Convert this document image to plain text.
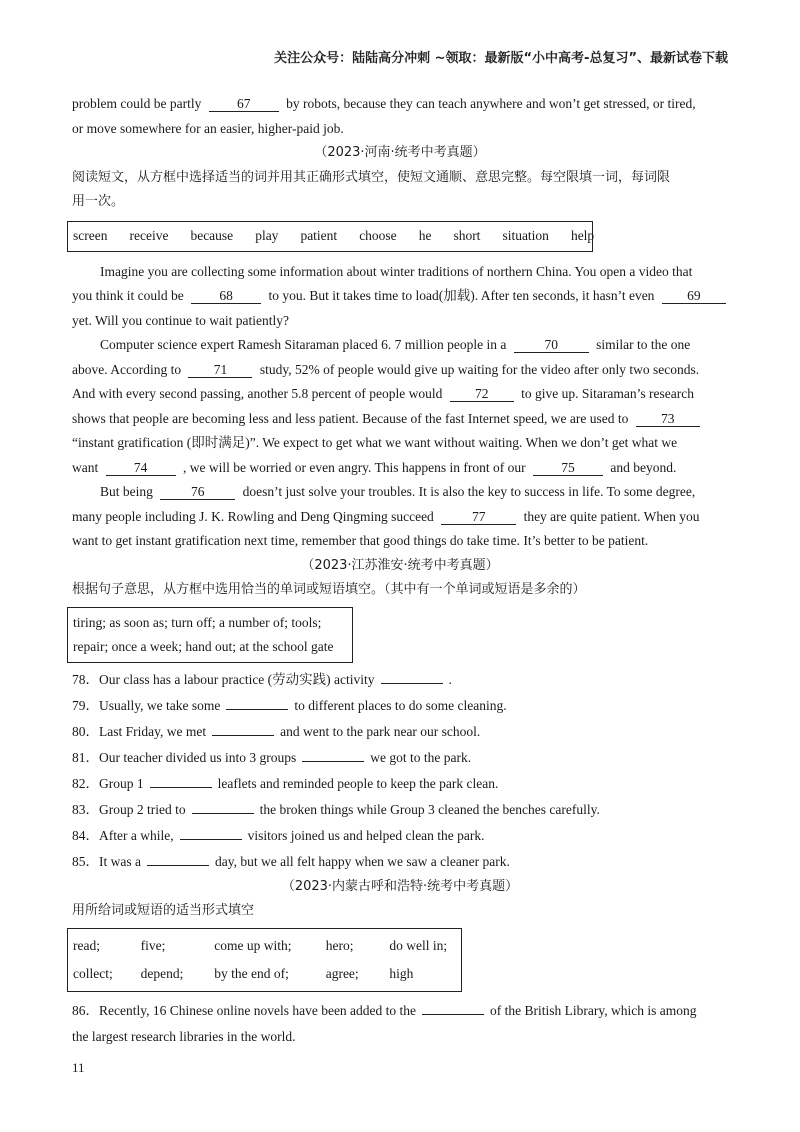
关注公众号：陆陆高分冲刺 ~领取：最新版“小中高考-总复习”、最新试卷下载
problem could be partly	67	by robots, because they can teach anywhere and won’t get stressed, or tired,
or move somewhere for an easier, higher-paid job.
（2023·河南·统考中考真题）
阅读短文，从方框中选择适当的词并用其正确形式填空，使短文通顺、意思完整。每空限填一词，每词限
用一次。
screen receive because play patient choose he short situation help
Imagine you are collecting some information about winter traditions of northern China. You open a video that
you think it could be	68	to you. But it takes time to load(加载). After ten seconds, it hasn’t even 69
yet. Will you continue to wait patiently?
Computer science expert Ramesh Sitaraman placed 6. 7 million people in a	70	similar to the one
above. According to 71 study, 52% of people would give up waiting for the video after only two seconds.
And with every second passing, another 5.8 percent of people would 72 to give up. Sitaraman’s research
shows that people are becoming less and less patient. Because of the fast Internet speed, we are used to 73
“instant gratification (即时满足)”. We expect to get what we want without waiting. When we don’t get what we
want	74	, we will be worried or even angry. This happens in front of our	75	and beyond.
But being	76	doesn’t just solve your troubles. It is also the key to success in life. To some degree,
many people including J. K. Rowling and Deng Qingming succeed	77	they are quite patient. When you
want to get instant gratification next time, remember that good things do take time. It’s better to be patient.
（2023·江苏淮安·统考中考真题）
根据句子意思，从方框中选用恰当的单词或短语填空。（其中有一个单词或短语是多余的）
tiring; as soon as; turn off; a number of; tools;
repair; once a week; hand out; at the school gate
78．Our class has a labour practice (劳动实践) activity	.
79．Usually, we take some	to different places to do some cleaning.
80．Last Friday, we met	and went to the park near our school.
81．Our teacher divided us into 3 groups	we got to the park.
82．Group 1	leaflets and reminded people to keep the park clean.
83．Group 2 tried to	the broken things while Group 3 cleaned the benches carefully.
84．After a while,	visitors joined us and helped clean the park.
85．It was a	day, but we all felt happy when we saw a cleaner park.
（2023·内蒙古呼和浩特·统考中考真题）
用所给词或短语的适当形式填空
read;	five;	come up with;	hero;	do well in;
collect;	depend;	by the end of;	agree;	high
86．Recently, 16 Chinese online novels have been added to the	of the British Library, which is among
the largest research libraries in the world.
11
